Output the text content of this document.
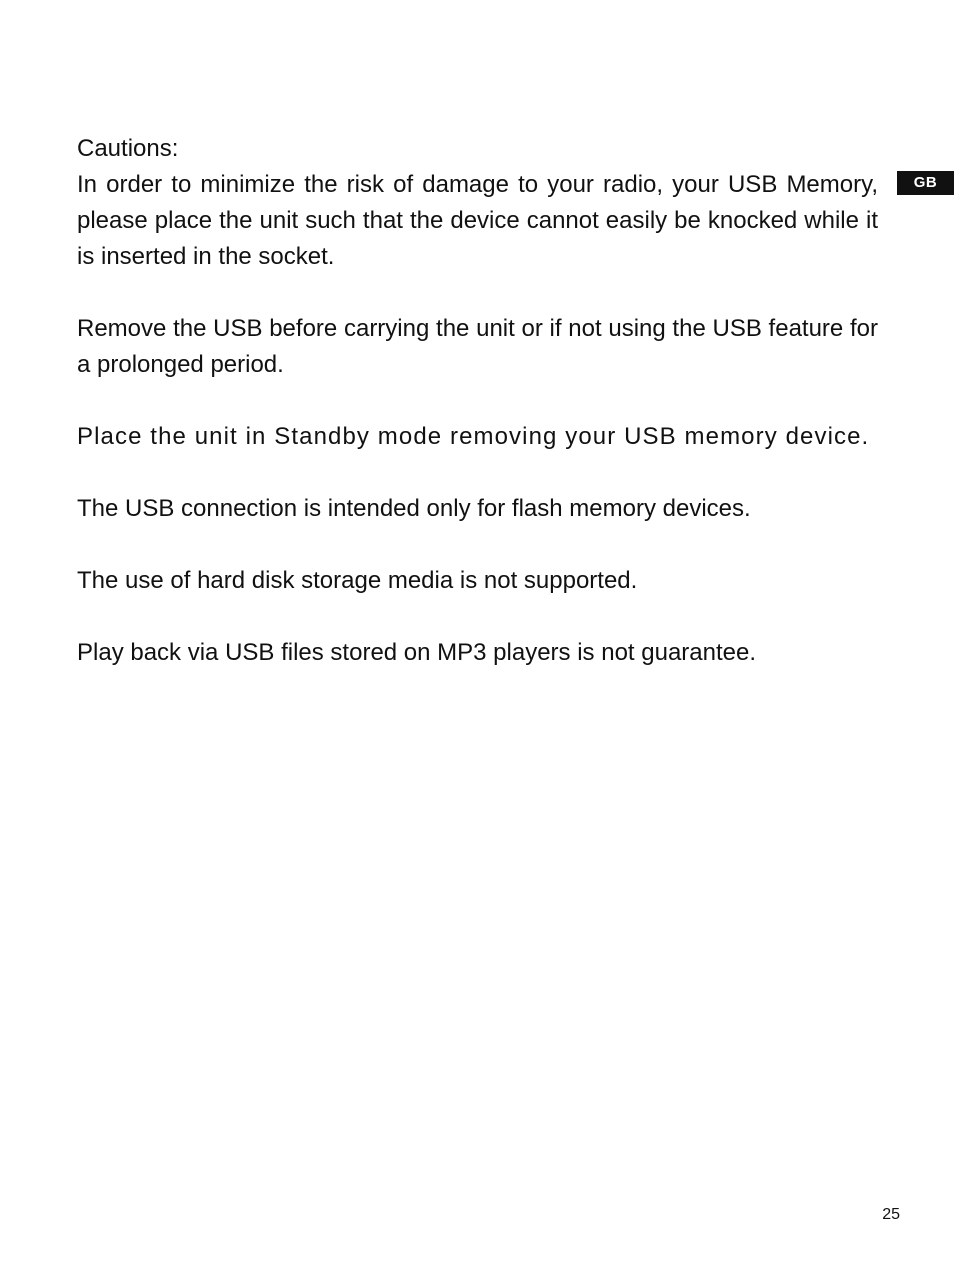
GB

Cautions:

In order to minimize the risk of damage to your radio, your USB Memory, please place the unit such that the device cannot easily be knocked while it is inserted in the socket.

Remove the USB before carrying the unit or if not using the USB feature for a prolonged period.

Place the unit in Standby mode removing your USB memory device.

The USB connection is intended only for flash memory devices.

The use of hard disk storage media is not supported.

Play back via USB files stored on MP3 players is not guarantee.

25
